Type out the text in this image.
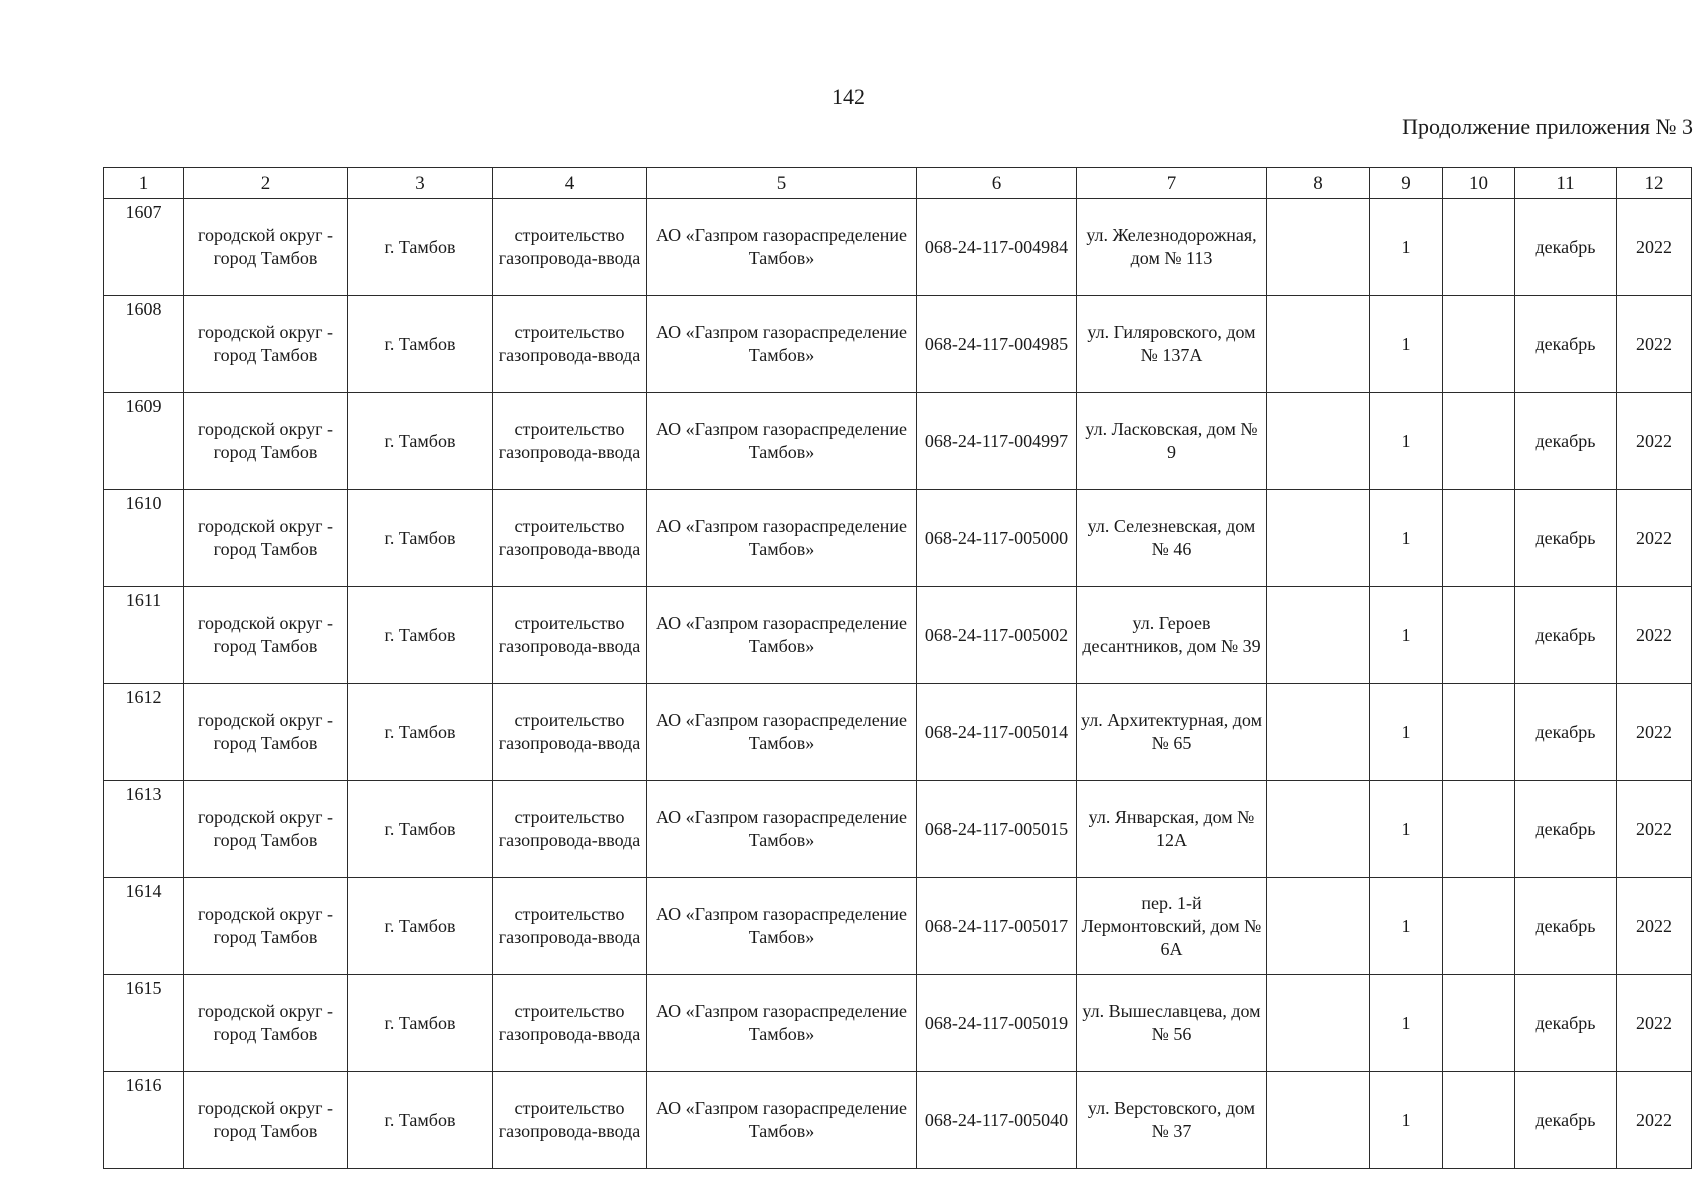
142
Продолжение приложения № 3
1	2	3	4	5	6	7	8	9	10	11	12
1607	городской округ - город Тамбов	г. Тамбов	строительство газопровода-ввода	АО «Газпром газораспределение Тамбов»	068-24-117-004984	ул. Железнодорожная, дом № 113		1		декабрь	2022
1608	городской округ - город Тамбов	г. Тамбов	строительство газопровода-ввода	АО «Газпром газораспределение Тамбов»	068-24-117-004985	ул. Гиляровского, дом № 137А		1		декабрь	2022
1609	городской округ - город Тамбов	г. Тамбов	строительство газопровода-ввода	АО «Газпром газораспределение Тамбов»	068-24-117-004997	ул. Ласковская, дом № 9		1		декабрь	2022
1610	городской округ - город Тамбов	г. Тамбов	строительство газопровода-ввода	АО «Газпром газораспределение Тамбов»	068-24-117-005000	ул. Селезневская, дом № 46		1		декабрь	2022
1611	городской округ - город Тамбов	г. Тамбов	строительство газопровода-ввода	АО «Газпром газораспределение Тамбов»	068-24-117-005002	ул. Героев десантников, дом № 39		1		декабрь	2022
1612	городской округ - город Тамбов	г. Тамбов	строительство газопровода-ввода	АО «Газпром газораспределение Тамбов»	068-24-117-005014	ул. Архитектурная, дом № 65		1		декабрь	2022
1613	городской округ - город Тамбов	г. Тамбов	строительство газопровода-ввода	АО «Газпром газораспределение Тамбов»	068-24-117-005015	ул. Январская, дом № 12А		1		декабрь	2022
1614	городской округ - город Тамбов	г. Тамбов	строительство газопровода-ввода	АО «Газпром газораспределение Тамбов»	068-24-117-005017	пер. 1-й Лермонтовский, дом № 6А		1		декабрь	2022
1615	городской округ - город Тамбов	г. Тамбов	строительство газопровода-ввода	АО «Газпром газораспределение Тамбов»	068-24-117-005019	ул. Вышеславцева, дом № 56		1		декабрь	2022
1616	городской округ - город Тамбов	г. Тамбов	строительство газопровода-ввода	АО «Газпром газораспределение Тамбов»	068-24-117-005040	ул. Верстовского, дом № 37		1		декабрь	2022
